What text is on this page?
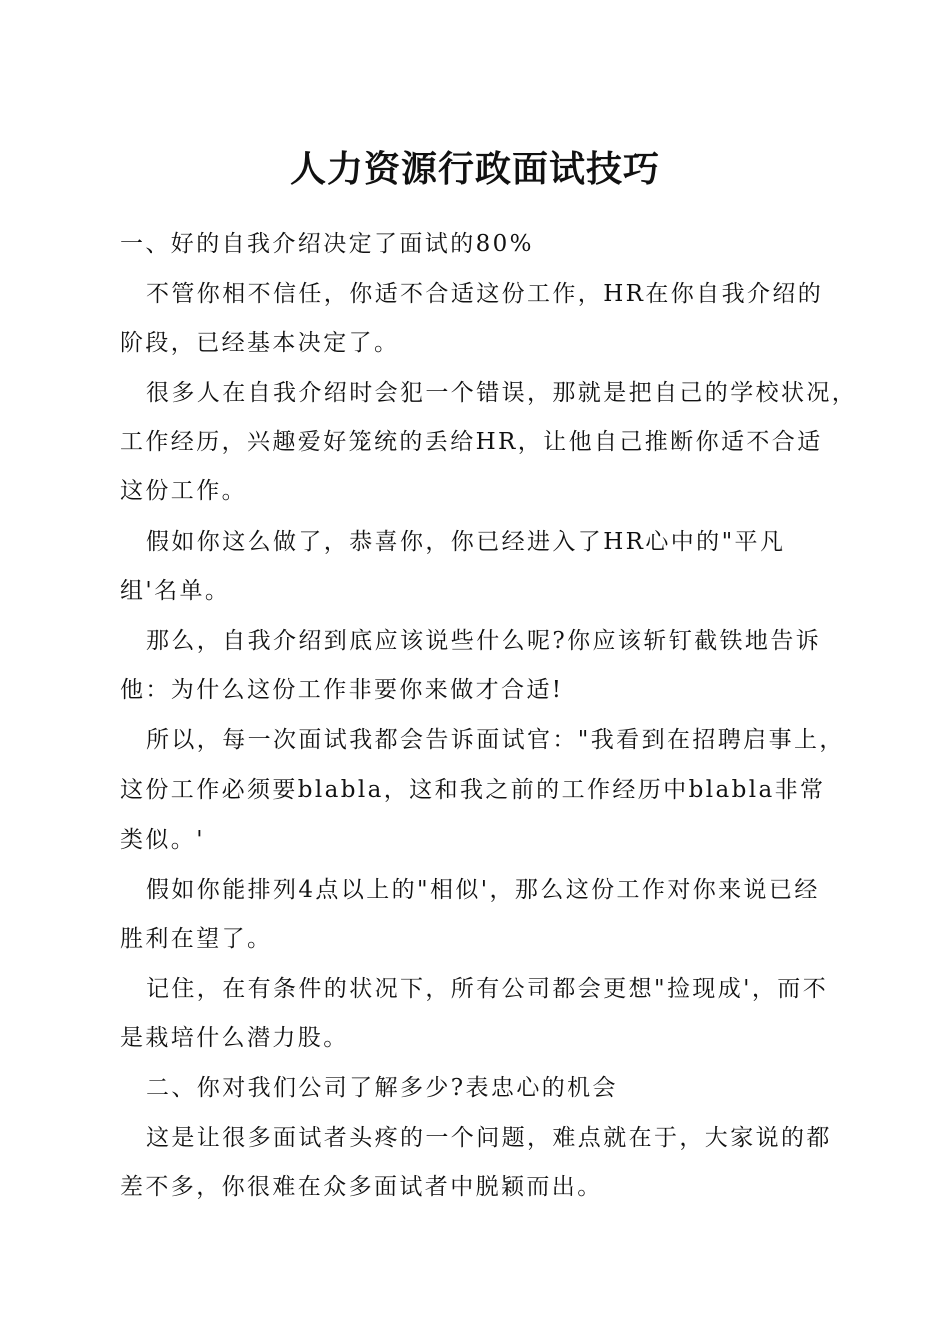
人力资源行政面试技巧
一、好的自我介绍决定了面试的80%
不管你相不信任，你适不合适这份工作，HR在你自我介绍的
阶段，已经基本决定了。
很多人在自我介绍时会犯一个错误，那就是把自己的学校状况，
工作经历，兴趣爱好笼统的丢给HR，让他自己推断你适不合适
这份工作。
假如你这么做了，恭喜你，你已经进入了HR心中的"平凡
组'名单。
那么，自我介绍到底应该说些什么呢?你应该斩钉截铁地告诉
他：为什么这份工作非要你来做才合适!
所以，每一次面试我都会告诉面试官："我看到在招聘启事上，
这份工作必须要blabla，这和我之前的工作经历中blabla非常
类似。'
假如你能排列4点以上的"相似'，那么这份工作对你来说已经
胜利在望了。
记住，在有条件的状况下，所有公司都会更想"捡现成'，而不
是栽培什么潜力股。
二、你对我们公司了解多少?表忠心的机会
这是让很多面试者头疼的一个问题，难点就在于，大家说的都
差不多，你很难在众多面试者中脱颖而出。
